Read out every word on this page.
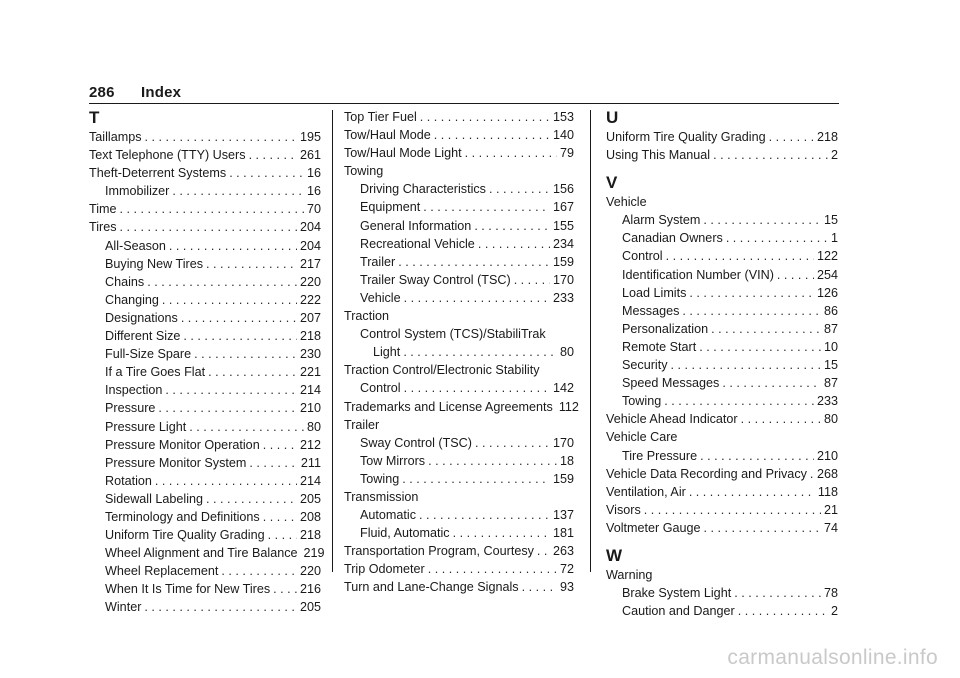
286 Index
T
Taillamps . . .	195
Text Telephone (TTY) Users . . .	261
Theft-Deterrent Systems . . .	16
Immobilizer . . .	16
Time . . .	70
Tires . . .	204
All-Season . . .	204
Buying New Tires . . .	217
Chains . . .	220
Changing . . .	222
Designations . . .	207
Different Size . . .	218
Full-Size Spare . . .	230
If a Tire Goes Flat . . .	221
Inspection . . .	214
Pressure . . .	210
Pressure Light . . .	80
Pressure Monitor Operation . . .	212
Pressure Monitor System . . .	211
Rotation . . .	214
Sidewall Labeling . . .	205
Terminology and Definitions . . .	208
Uniform Tire Quality Grading . . .	218
Wheel Alignment and Tire Balance 219
Wheel Replacement . . .	220
When It Is Time for New Tires . . . 216
Winter . . .	205
Top Tier Fuel . . .	153
Tow/Haul Mode . . .	140
Tow/Haul Mode Light . . .	79
Towing
Driving Characteristics . . .	156
Equipment . . .	167
General Information . . .	155
Recreational Vehicle . . .	234
Trailer . . .	159
Trailer Sway Control (TSC) . . .	170
Vehicle . . .	233
Traction
Control System (TCS)/StabiliTrak
Light . . .	80
Traction Control/Electronic Stability
Control . . .	142
Trademarks and License Agreements 112
Trailer
Sway Control (TSC) . . .	170
Tow Mirrors . . .	18
Towing . . .	159
Transmission
Automatic . . .	137
Fluid, Automatic . . .	181
Transportation Program, Courtesy . . . 263
Trip Odometer . . .	72
Turn and Lane-Change Signals . . .	93
U
Uniform Tire Quality Grading . . .	218
Using This Manual . . .	2
V
Vehicle
Alarm System . . .	15
Canadian Owners . . .	1
Control . . .	122
Identification Number (VIN) . . .	254
Load Limits . . .	126
Messages . . .	86
Personalization . . .	87
Remote Start . . .	10
Security . . .	15
Speed Messages . . .	87
Towing . . .	233
Vehicle Ahead Indicator . . .	80
Vehicle Care
Tire Pressure . . .	210
Vehicle Data Recording and Privacy . . . 268
Ventilation, Air . . .	118
Visors . . .	21
Voltmeter Gauge . . .	74
W
Warning
Brake System Light . . .	78
Caution and Danger . . .	2
carmanualsonline.info
